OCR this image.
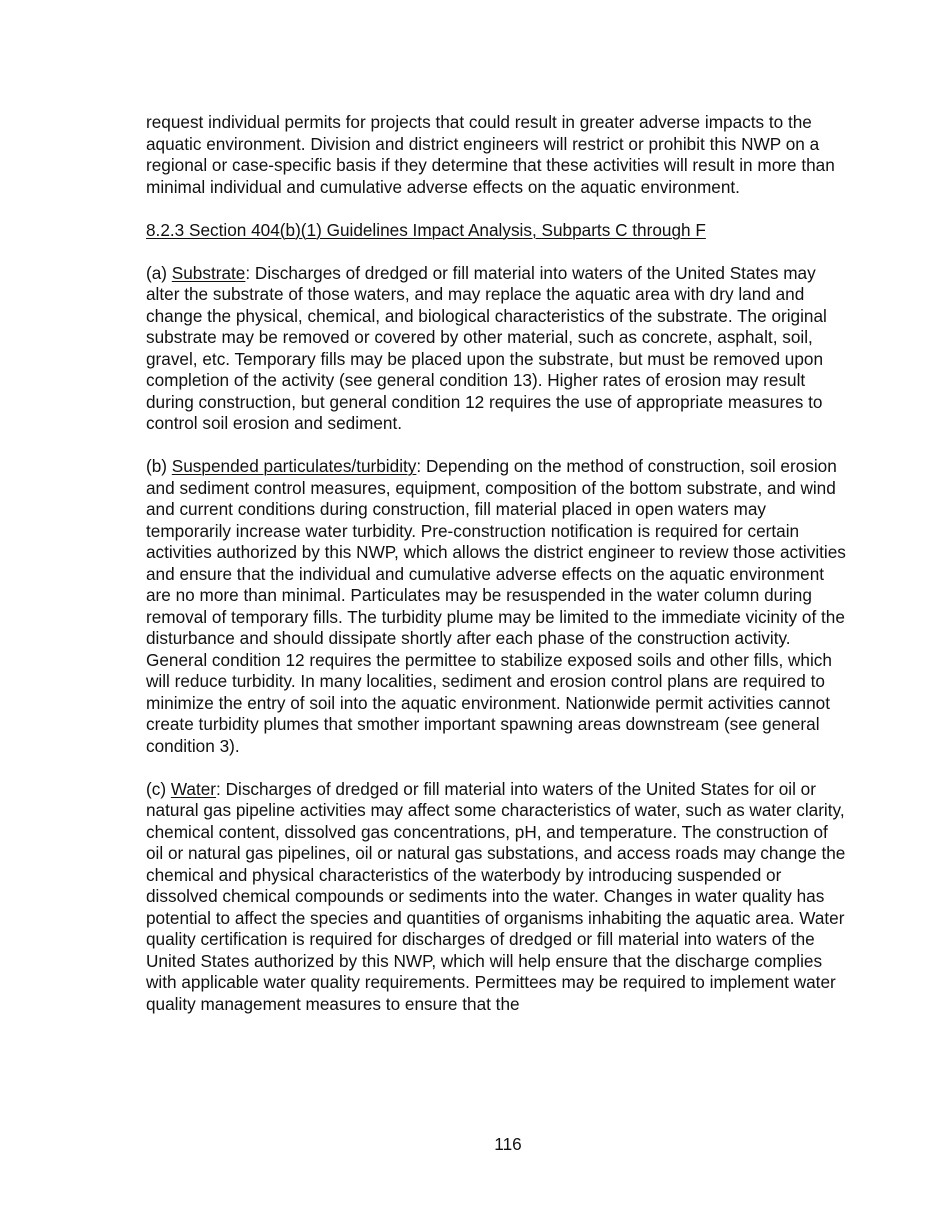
request individual permits for projects that could result in greater adverse impacts to the aquatic environment. Division and district engineers will restrict or prohibit this NWP on a regional or case-specific basis if they determine that these activities will result in more than minimal individual and cumulative adverse effects on the aquatic environment.

8.2.3 Section 404(b)(1) Guidelines Impact Analysis, Subparts C through F

(a) Substrate: Discharges of dredged or fill material into waters of the United States may alter the substrate of those waters, and may replace the aquatic area with dry land and change the physical, chemical, and biological characteristics of the substrate. The original substrate may be removed or covered by other material, such as concrete, asphalt, soil, gravel, etc. Temporary fills may be placed upon the substrate, but must be removed upon completion of the activity (see general condition 13). Higher rates of erosion may result during construction, but general condition 12 requires the use of appropriate measures to control soil erosion and sediment.

(b) Suspended particulates/turbidity: Depending on the method of construction, soil erosion and sediment control measures, equipment, composition of the bottom substrate, and wind and current conditions during construction, fill material placed in open waters may temporarily increase water turbidity. Pre-construction notification is required for certain activities authorized by this NWP, which allows the district engineer to review those activities and ensure that the individual and cumulative adverse effects on the aquatic environment are no more than minimal. Particulates may be resuspended in the water column during removal of temporary fills. The turbidity plume may be limited to the immediate vicinity of the disturbance and should dissipate shortly after each phase of the construction activity. General condition 12 requires the permittee to stabilize exposed soils and other fills, which will reduce turbidity. In many localities, sediment and erosion control plans are required to minimize the entry of soil into the aquatic environment. Nationwide permit activities cannot create turbidity plumes that smother important spawning areas downstream (see general condition 3).

(c) Water: Discharges of dredged or fill material into waters of the United States for oil or natural gas pipeline activities may affect some characteristics of water, such as water clarity, chemical content, dissolved gas concentrations, pH, and temperature. The construction of oil or natural gas pipelines, oil or natural gas substations, and access roads may change the chemical and physical characteristics of the waterbody by introducing suspended or dissolved chemical compounds or sediments into the water. Changes in water quality has potential to affect the species and quantities of organisms inhabiting the aquatic area. Water quality certification is required for discharges of dredged or fill material into waters of the United States authorized by this NWP, which will help ensure that the discharge complies with applicable water quality requirements. Permittees may be required to implement water quality management measures to ensure that the

116
